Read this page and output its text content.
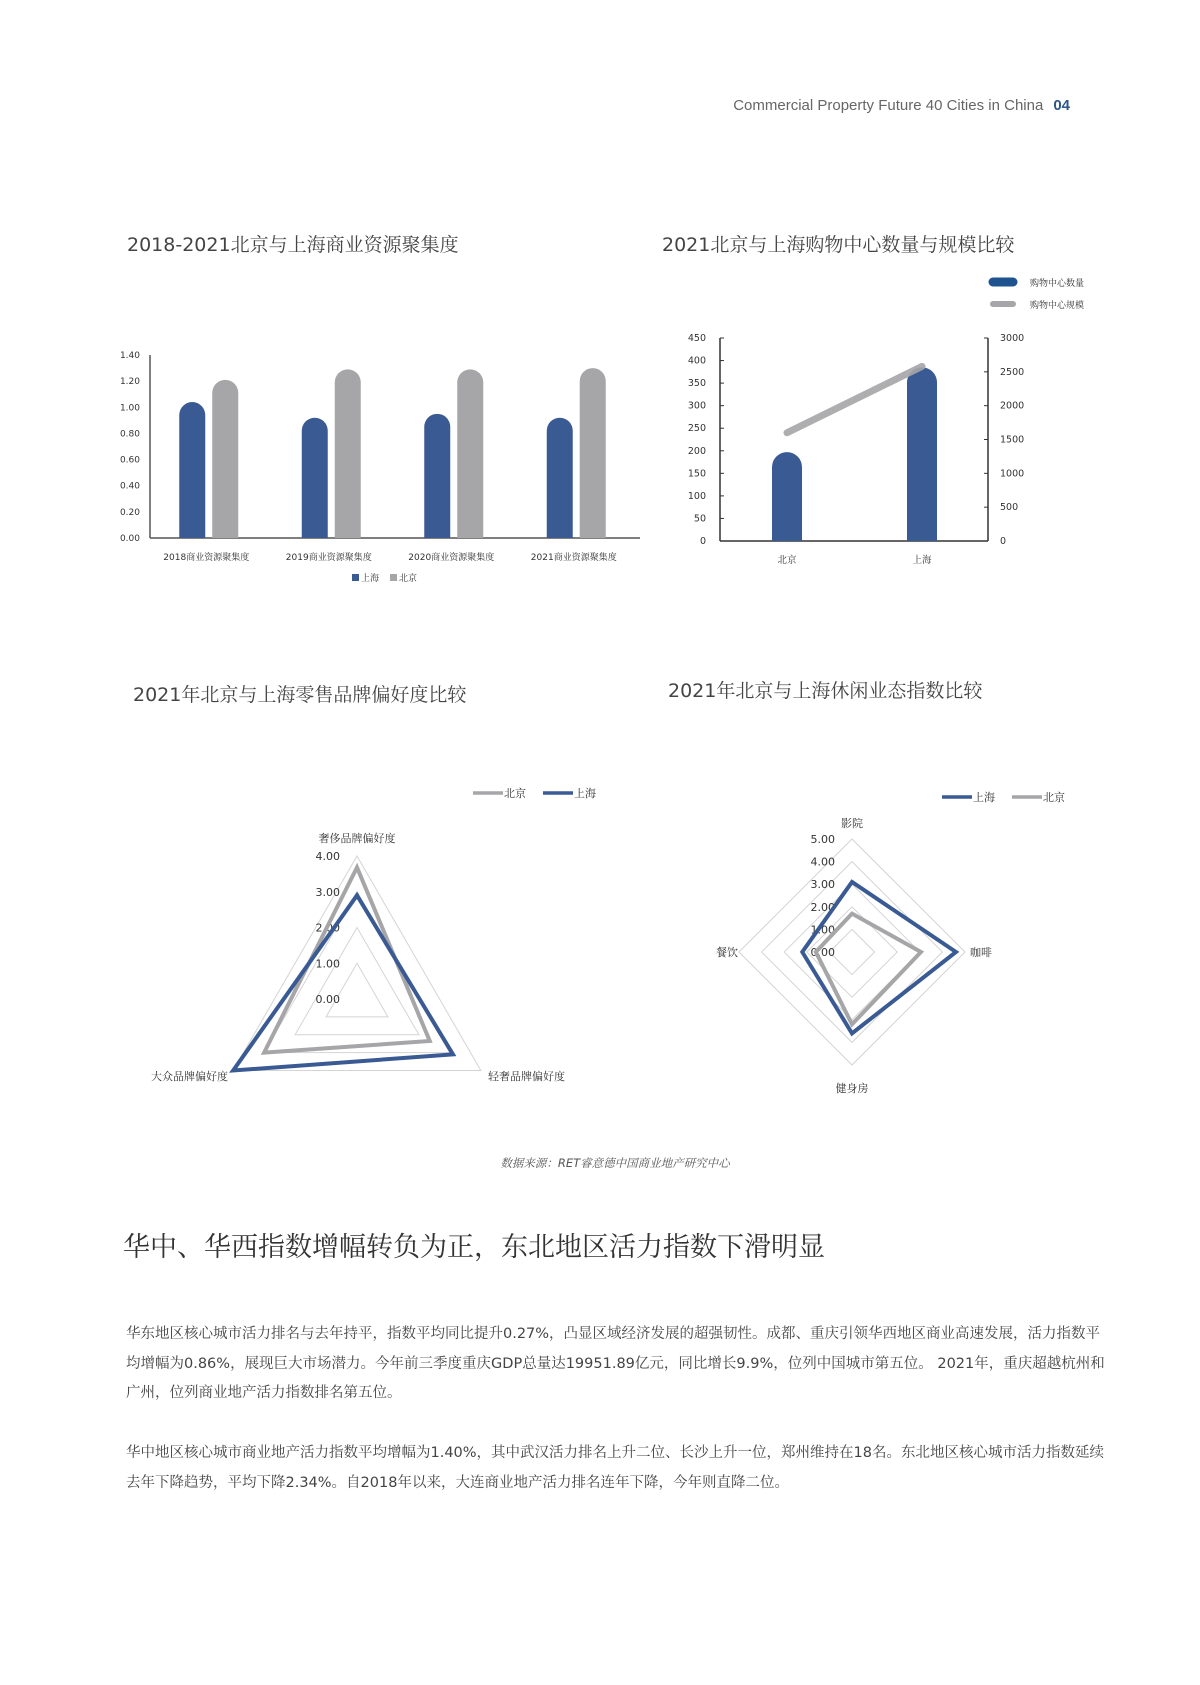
Commercial Property Future 40 Cities in China 04
2018-2021北京与上海商业资源聚集度	2021北京与上海购物中心数量与规模比较
2021年北京与上海零售品牌偏好度比较	2021年北京与上海休闲业态指数比较
0.00
0.20
0.40
0.60
0.80
1.00
1.20
1.40
2018商业资源聚集度	2019商业资源聚集度	2020商业资源聚集度	2021商业资源聚集度
上海 北京
0
50
100
150
200
250
300
350
400
450
0
500
1000
1500
2000
2500
3000
北京	上海
购物中心数量
购物中心规模
0.00
1.00
2.00
3.00
4.00
奢侈品牌偏好度
轻奢品牌偏好度
大众品牌偏好度
北京	上海
0.00
1.00
2.00
3.00
4.00
5.00
影院
咖啡
健身房
餐饮
上海	北京
数据来源：RET睿意德中国商业地产研究中心
华中、华西指数增幅转负为正，东北地区活力指数下滑明显
华东地区核心城市活力排名与去年持平，指数平均同比提升0.27%，凸显区域经济发展的超强韧性。成都、重庆引领华西地区商业高速发展，活力指数平均增幅为0.86%，展现巨大市场潜力。今年前三季度重庆GDP总量达19951.89亿元，同比增长9.9%，位列中国城市第五位。 2021年，重庆超越杭州和广州，位列商业地产活力指数排名第五位。
华中地区核心城市商业地产活力指数平均增幅为1.40%，其中武汉活力排名上升二位、长沙上升一位，郑州维持在18名。东北地区核心城市活力指数延续去年下降趋势，平均下降2.34%。自2018年以来，大连商业地产活力排名连年下降，今年则直降二位。
